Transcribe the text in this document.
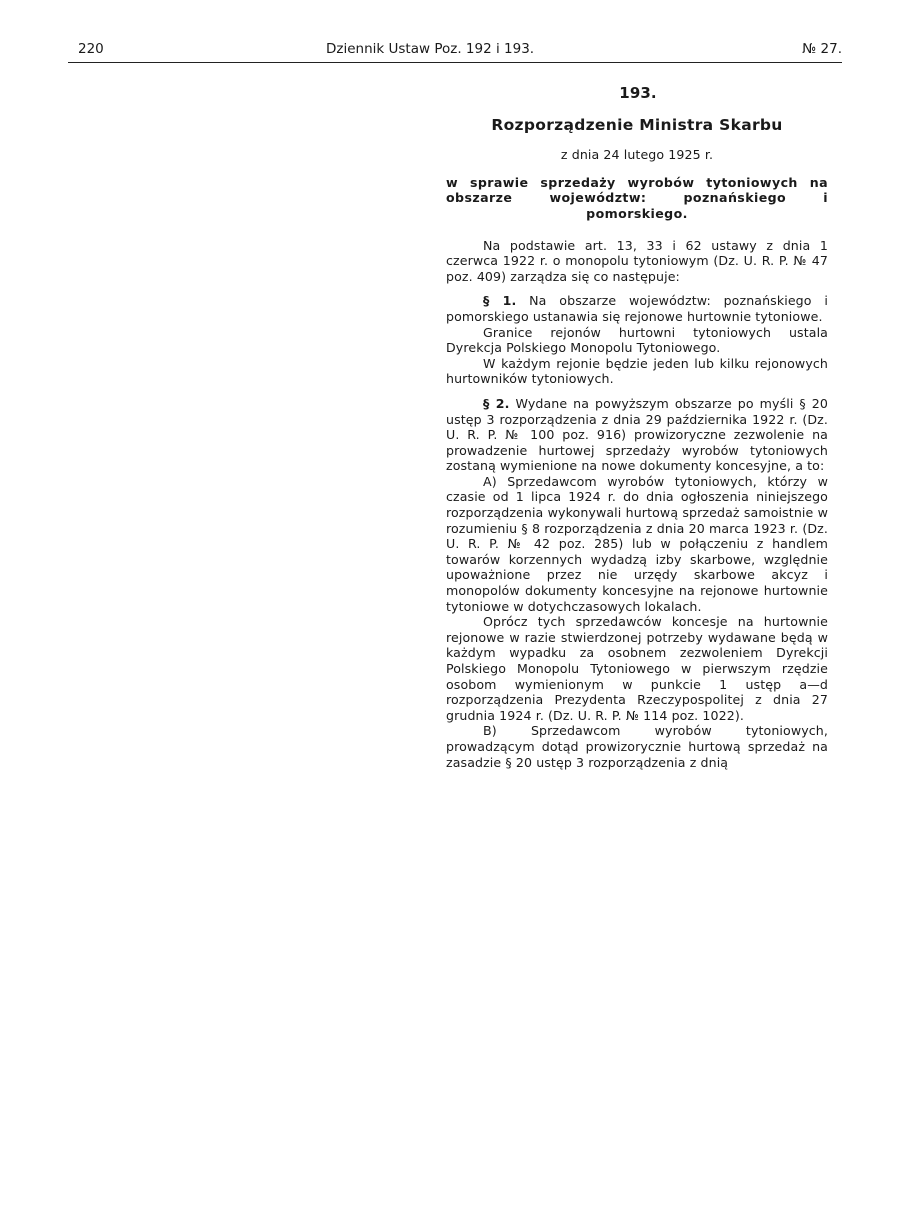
220	Dziennik Ustaw Poz. 192 i 193.	№ 27.
193.
Rozporządzenie Ministra Skarbu
z dnia 24 lutego 1925 r.
w sprawie sprzedaży wyrobów tytoniowych na obszarze województw: poznańskiego i pomorskiego.

Na podstawie art. 13, 33 i 62 ustawy z dnia 1 czerwca 1922 r. o monopolu tytoniowym (Dz. U. R. P. № 47 poz. 409) zarządza się co następuje:

§ 1. Na obszarze województw: poznańskiego i pomorskiego ustanawia się rejonowe hurtownie tytoniowe.

Granice rejonów hurtowni tytoniowych ustala Dyrekcja Polskiego Monopolu Tytoniowego.

W każdym rejonie będzie jeden lub kilku rejonowych hurtowników tytoniowych.

§ 2. Wydane na powyższym obszarze po myśli § 20 ustęp 3 rozporządzenia z dnia 29 października 1922 r. (Dz. U. R. P. № 100 poz. 916) prowizoryczne zezwolenie na prowadzenie hurtowej sprzedaży wyrobów tytoniowych zostaną wymienione na nowe dokumenty koncesyjne, a to:

A) Sprzedawcom wyrobów tytoniowych, którzy w czasie od 1 lipca 1924 r. do dnia ogłoszenia niniejszego rozporządzenia wykonywali hurtową sprzedaż samoistnie w rozumieniu § 8 rozporządzenia z dnia 20 marca 1923 r. (Dz. U. R. P. № 42 poz. 285) lub w połączeniu z handlem towarów korzennych wydadzą izby skarbowe, względnie upoważnione przez nie urzędy skarbowe akcyz i monopolów dokumenty koncesyjne na rejonowe hurtownie tytoniowe w dotychczasowych lokalach.

Oprócz tych sprzedawców koncesje na hurtownie rejonowe w razie stwierdzonej potrzeby wydawane będą w każdym wypadku za osobnem zezwoleniem Dyrekcji Polskiego Monopolu Tytoniowego w pierwszym rzędzie osobom wymienionym w punkcie 1 ustęp a—d rozporządzenia Prezydenta Rzeczypospolitej z dnia 27 grudnia 1924 r. (Dz. U. R. P. № 114 poz. 1022).

B) Sprzedawcom wyrobów tytoniowych, prowadzącym dotąd prowizorycznie hurtową sprzedaż na zasadzie § 20 ustęp 3 rozporządzenia z dnią
